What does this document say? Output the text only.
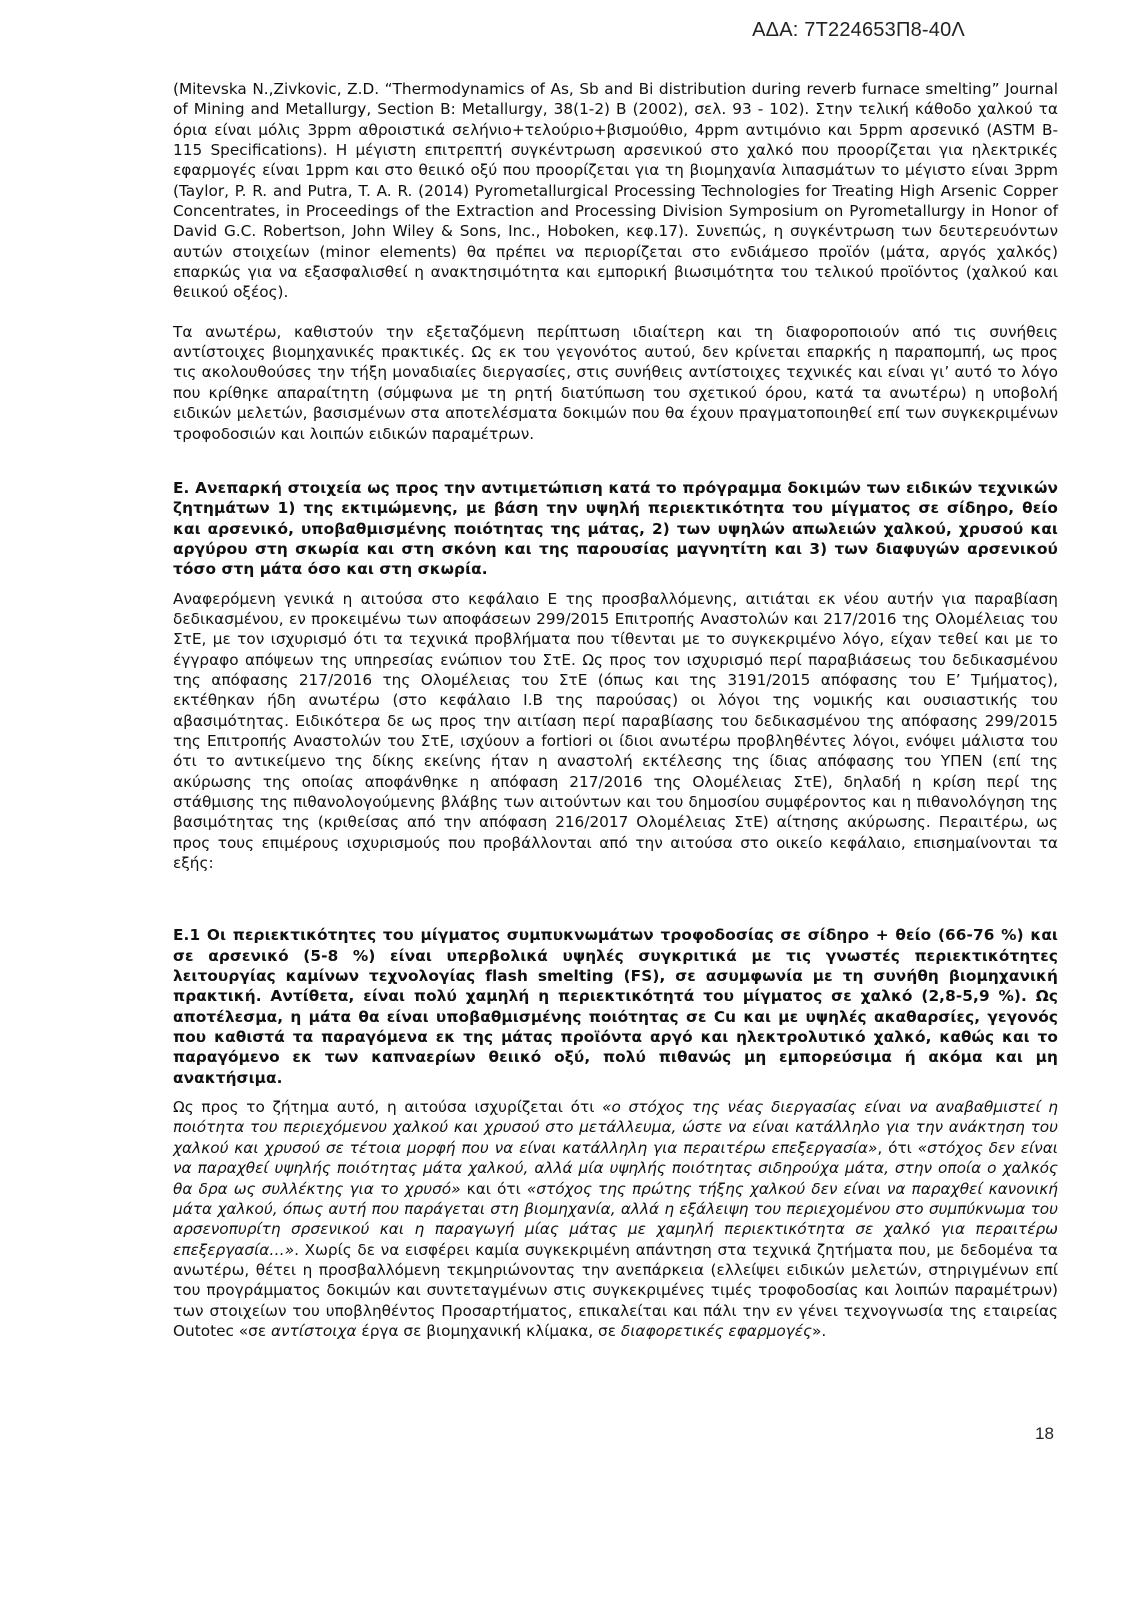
ΑΔΑ: 7Τ224653Π8-40Λ

(Mitevska N.,Zivkovic, Z.D. “Thermodynamics of As, Sb and Bi distribution during reverb furnace smelting” Journal of Mining and Metallurgy, Section B: Metallurgy, 38(1-2) B (2002), σελ. 93 - 102). Στην τελική κάθοδο χαλκού τα όρια είναι μόλις 3ppm αθροιστικά σελήνιο+τελούριο+βισμούθιο, 4ppm αντιμόνιο και 5ppm αρσενικό (ASTM B-115 Specifications). Η μέγιστη επιτρεπτή συγκέντρωση αρσενικού στο χαλκό που προορίζεται για ηλεκτρικές εφαρμογές είναι 1ppm και στο θειικό οξύ που προορίζεται για τη βιομηχανία λιπασμάτων το μέγιστο είναι 3ppm (Taylor, P. R. and Putra, T. A. R. (2014) Pyrometallurgical Processing Technologies for Treating High Arsenic Copper Concentrates, in Proceedings of the Extraction and Processing Division Symposium on Pyrometallurgy in Honor of David G.C. Robertson, John Wiley & Sons, Inc., Hoboken, κεφ.17). Συνεπώς, η συγκέντρωση των δευτερευόντων αυτών στοιχείων (minor elements) θα πρέπει να περιορίζεται στο ενδιάμεσο προϊόν (μάτα, αργός χαλκός) επαρκώς για να εξασφαλισθεί η ανακτησιμότητα και εμπορική βιωσιμότητα του τελικού προϊόντος (χαλκού και θειικού οξέος).

Τα ανωτέρω, καθιστούν την εξεταζόμενη περίπτωση ιδιαίτερη και τη διαφοροποιούν από τις συνήθεις αντίστοιχες βιομηχανικές πρακτικές. Ως εκ του γεγονότος αυτού, δεν κρίνεται επαρκής η παραπομπή, ως προς τις ακολουθούσες την τήξη μοναδιαίες διεργασίες, στις συνήθεις αντίστοιχες τεχνικές και είναι γι’ αυτό το λόγο που κρίθηκε απαραίτητη (σύμφωνα με τη ρητή διατύπωση του σχετικού όρου, κατά τα ανωτέρω) η υποβολή ειδικών μελετών, βασισμένων στα αποτελέσματα δοκιμών που θα έχουν πραγματοποιηθεί επί των συγκεκριμένων τροφοδοσιών και λοιπών ειδικών παραμέτρων.

Ε. Ανεπαρκή στοιχεία ως προς την αντιμετώπιση κατά το πρόγραμμα δοκιμών των ειδικών τεχνικών ζητημάτων 1) της εκτιμώμενης, με βάση την υψηλή περιεκτικότητα του μίγματος σε σίδηρο, θείο και αρσενικό, υποβαθμισμένης ποιότητας της μάτας, 2) των υψηλών απωλειών χαλκού, χρυσού και αργύρου στη σκωρία και στη σκόνη και της παρουσίας μαγνητίτη και 3) των διαφυγών αρσενικού τόσο στη μάτα όσο και στη σκωρία.

Αναφερόμενη γενικά η αιτούσα στο κεφάλαιο Ε της προσβαλλόμενης, αιτιάται εκ νέου αυτήν για παραβίαση δεδικασμένου, εν προκειμένω των αποφάσεων 299/2015 Επιτροπής Αναστολών και 217/2016 της Ολομέλειας του ΣτΕ, με τον ισχυρισμό ότι τα τεχνικά προβλήματα που τίθενται με το συγκεκριμένο λόγο, είχαν τεθεί και με το έγγραφο απόψεων της υπηρεσίας ενώπιον του ΣτΕ. Ως προς τον ισχυρισμό περί παραβιάσεως του δεδικασμένου της απόφασης 217/2016 της Ολομέλειας του ΣτΕ (όπως και της 3191/2015 απόφασης του Ε’ Τμήματος), εκτέθηκαν ήδη ανωτέρω (στο κεφάλαιο Ι.Β της παρούσας) οι λόγοι της νομικής και ουσιαστικής του αβασιμότητας. Ειδικότερα δε ως προς την αιτίαση περί παραβίασης του δεδικασμένου της απόφασης 299/2015 της Επιτροπής Αναστολών του ΣτΕ, ισχύουν a fortiori οι ίδιοι ανωτέρω προβληθέντες λόγοι, ενόψει μάλιστα του ότι το αντικείμενο της δίκης εκείνης ήταν η αναστολή εκτέλεσης της ίδιας απόφασης του ΥΠΕΝ (επί της ακύρωσης της οποίας αποφάνθηκε η απόφαση 217/2016 της Ολομέλειας ΣτΕ), δηλαδή η κρίση περί της στάθμισης της πιθανολογούμενης βλάβης των αιτούντων και του δημοσίου συμφέροντος και η πιθανολόγηση της βασιμότητας της (κριθείσας από την απόφαση 216/2017 Ολομέλειας ΣτΕ) αίτησης ακύρωσης. Περαιτέρω, ως προς τους επιμέρους ισχυρισμούς που προβάλλονται από την αιτούσα στο οικείο κεφάλαιο, επισημαίνονται τα εξής:

Ε.1 Οι περιεκτικότητες του μίγματος συμπυκνωμάτων τροφοδοσίας σε σίδηρο + θείο (66-76 %) και σε αρσενικό (5-8 %) είναι υπερβολικά υψηλές συγκριτικά με τις γνωστές περιεκτικότητες λειτουργίας καμίνων τεχνολογίας flash smelting (FS), σε ασυμφωνία με τη συνήθη βιομηχανική πρακτική. Αντίθετα, είναι πολύ χαμηλή η περιεκτικότητά του μίγματος σε χαλκό (2,8-5,9 %). Ως αποτέλεσμα, η μάτα θα είναι υποβαθμισμένης ποιότητας σε Cu και με υψηλές ακαθαρσίες, γεγονός που καθιστά τα παραγόμενα εκ της μάτας προϊόντα αργό και ηλεκτρολυτικό χαλκό, καθώς και το παραγόμενο εκ των καπναερίων θειικό οξύ, πολύ πιθανώς μη εμπορεύσιμα ή ακόμα και μη ανακτήσιμα.

Ως προς το ζήτημα αυτό, η αιτούσα ισχυρίζεται ότι «ο στόχος της νέας διεργασίας είναι να αναβαθμιστεί η ποιότητα του περιεχόμενου χαλκού και χρυσού στο μετάλλευμα, ώστε να είναι κατάλληλο για την ανάκτηση του χαλκού και χρυσού σε τέτοια μορφή που να είναι κατάλληλη για περαιτέρω επεξεργασία», ότι «στόχος δεν είναι να παραχθεί υψηλής ποιότητας μάτα χαλκού, αλλά μία υψηλής ποιότητας σιδηρούχα μάτα, στην οποία ο χαλκός θα δρα ως συλλέκτης για το χρυσό» και ότι «στόχος της πρώτης τήξης χαλκού δεν είναι να παραχθεί κανονική μάτα χαλκού, όπως αυτή που παράγεται στη βιομηχανία, αλλά η εξάλειψη του περιεχομένου στο συμπύκνωμα του αρσενοπυρίτη σρσενικού και η παραγωγή μίας μάτας με χαμηλή περιεκτικότητα σε χαλκό για περαιτέρω επεξεργασία…». Χωρίς δε να εισφέρει καμία συγκεκριμένη απάντηση στα τεχνικά ζητήματα που, με δεδομένα τα ανωτέρω, θέτει η προσβαλλόμενη τεκμηριώνοντας την ανεπάρκεια (ελλείψει ειδικών μελετών, στηριγμένων επί του προγράμματος δοκιμών και συντεταγμένων στις συγκεκριμένες τιμές τροφοδοσίας και λοιπών παραμέτρων) των στοιχείων του υποβληθέντος Προσαρτήματος, επικαλείται και πάλι την εν γένει τεχνογνωσία της εταιρείας Outotec «σε αντίστοιχα έργα σε βιομηχανική κλίμακα, σε διαφορετικές εφαρμογές».

18
